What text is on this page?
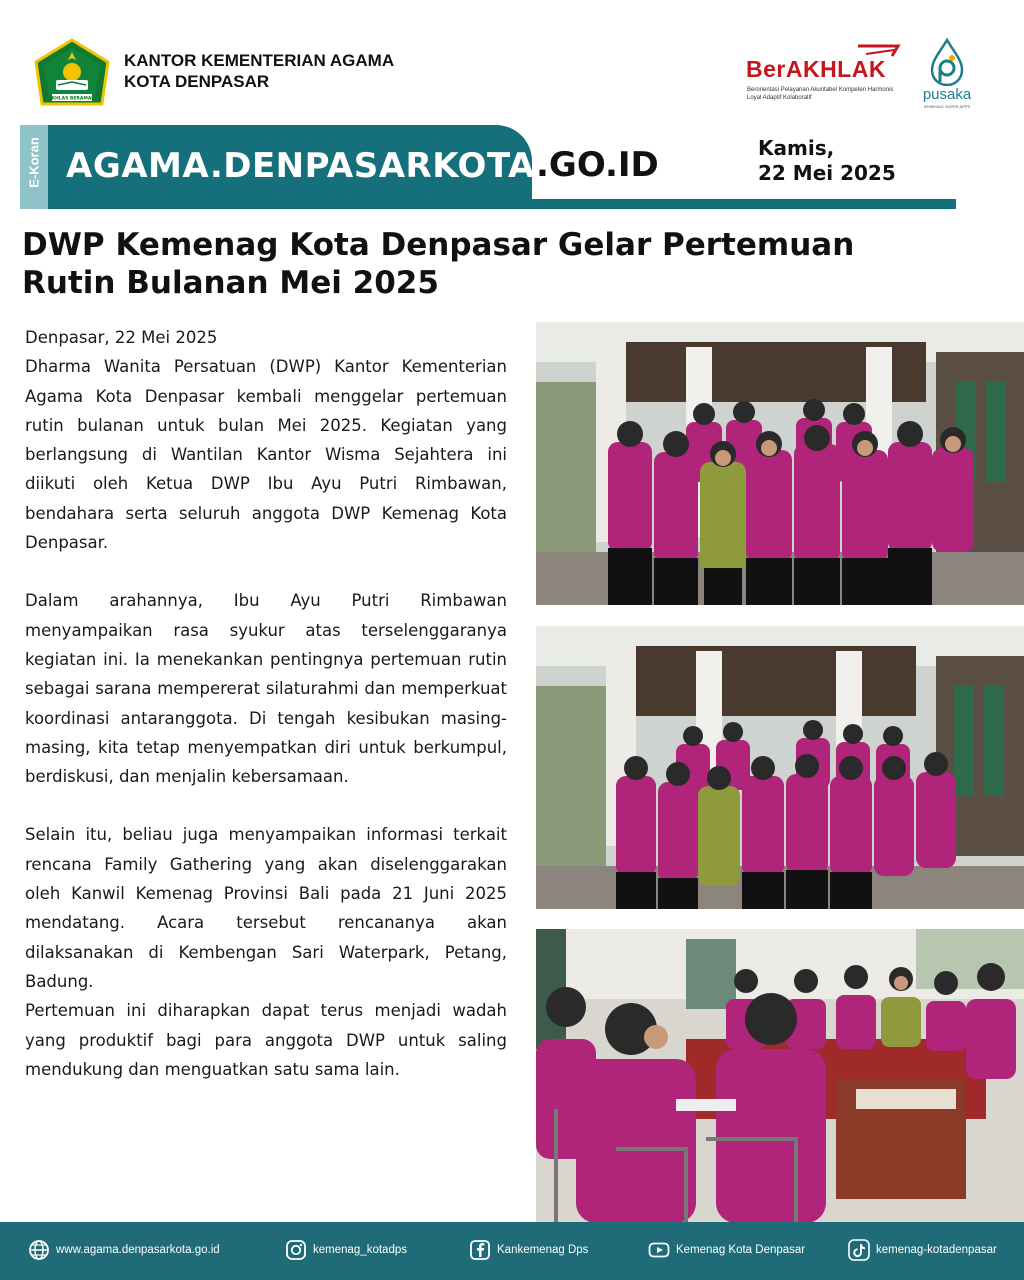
IKHLAS BERAMAL
KANTOR KEMENTERIAN AGAMA
KOTA DENPASAR	BerAKHLAK
Berorientasi Pelayanan Akuntabel Kompeten Harmonis Loyal Adaptif Kolaboratif	pusaka
KEMENAG SUPER APPS
E-Koran AGAMA.DENPASARKOTA .GO.ID	Kamis,
22 Mei 2025
DWP Kemenag Kota Denpasar Gelar Pertemuan
Rutin Bulanan Mei 2025

Denpasar, 22 Mei 2025

Dharma Wanita Persatuan (DWP) Kantor Kementerian Agama Kota Denpasar kembali menggelar pertemuan rutin bulanan untuk bulan Mei 2025. Kegiatan yang berlangsung di Wantilan Kantor Wisma Sejahtera ini diikuti oleh Ketua DWP Ibu Ayu Putri Rimbawan, bendahara serta seluruh anggota DWP Kemenag Kota Denpasar.

Dalam arahannya, Ibu Ayu Putri Rimbawan menyampaikan rasa syukur atas terselenggaranya kegiatan ini. Ia menekankan pentingnya pertemuan rutin sebagai sarana mempererat silaturahmi dan memperkuat koordinasi antaranggota. Di tengah kesibukan masing-masing, kita tetap menyempatkan diri untuk berkumpul, berdiskusi, dan menjalin kebersamaan.

Selain itu, beliau juga menyampaikan informasi terkait rencana Family Gathering yang akan diselenggarakan oleh Kanwil Kemenag Provinsi Bali pada 21 Juni 2025 mendatang. Acara tersebut rencananya akan dilaksanakan di Kembengan Sari Waterpark, Petang, Badung.

Pertemuan ini diharapkan dapat terus menjadi wadah yang produktif bagi para anggota DWP untuk saling mendukung dan menguatkan satu sama lain.

www.agama.denpasarkota.go.id	kemenag_kotadps	Kankemenag Dps	Kemenag Kota Denpasar	kemenag-kotadenpasar
